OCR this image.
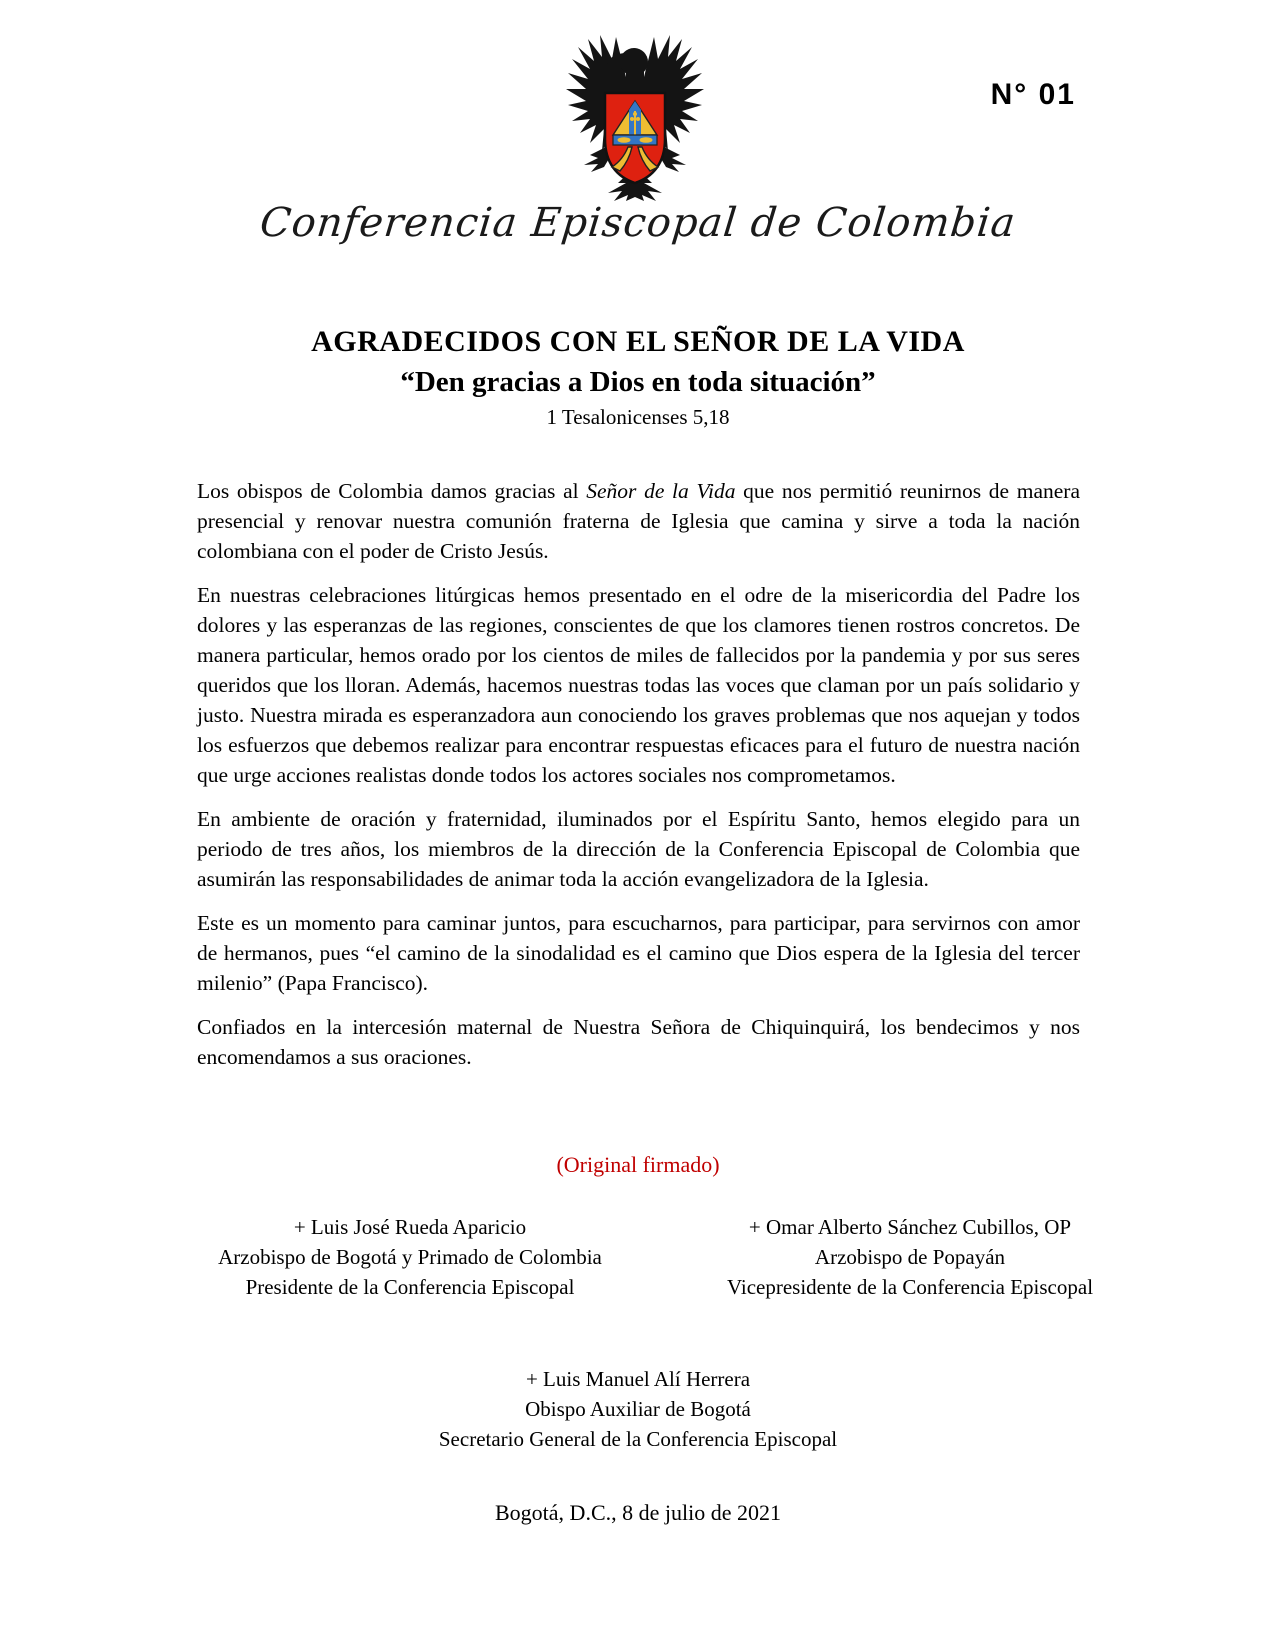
Conferencia Episcopal de Colombia
N° 01
AGRADECIDOS CON EL SEÑOR DE LA VIDA
“Den gracias a Dios en toda situación”
1 Tesalonicenses 5,18

Los obispos de Colombia damos gracias al Señor de la Vida que nos permitió reunirnos de manera presencial y renovar nuestra comunión fraterna de Iglesia que camina y sirve a toda la nación colombiana con el poder de Cristo Jesús.

En nuestras celebraciones litúrgicas hemos presentado en el odre de la misericordia del Padre los dolores y las esperanzas de las regiones, conscientes de que los clamores tienen rostros concretos. De manera particular, hemos orado por los cientos de miles de fallecidos por la pandemia y por sus seres queridos que los lloran. Además, hacemos nuestras todas las voces que claman por un país solidario y justo. Nuestra mirada es esperanzadora aun conociendo los graves problemas que nos aquejan y todos los esfuerzos que debemos realizar para encontrar respuestas eficaces para el futuro de nuestra nación que urge acciones realistas donde todos los actores sociales nos comprometamos.

En ambiente de oración y fraternidad, iluminados por el Espíritu Santo, hemos elegido para un periodo de tres años, los miembros de la dirección de la Conferencia Episcopal de Colombia que asumirán las responsabilidades de animar toda la acción evangelizadora de la Iglesia.

Este es un momento para caminar juntos, para escucharnos, para participar, para servirnos con amor de hermanos, pues “el camino de la sinodalidad es el camino que Dios espera de la Iglesia del tercer milenio” (Papa Francisco).

Confiados en la intercesión maternal de Nuestra Señora de Chiquinquirá, los bendecimos y nos encomendamos a sus oraciones.

(Original firmado)
+ Luis José Rueda Aparicio
Arzobispo de Bogotá y Primado de Colombia
Presidente de la Conferencia Episcopal
+ Omar Alberto Sánchez Cubillos, OP
Arzobispo de Popayán
Vicepresidente de la Conferencia Episcopal
+ Luis Manuel Alí Herrera
Obispo Auxiliar de Bogotá
Secretario General de la Conferencia Episcopal
Bogotá, D.C., 8 de julio de 2021
